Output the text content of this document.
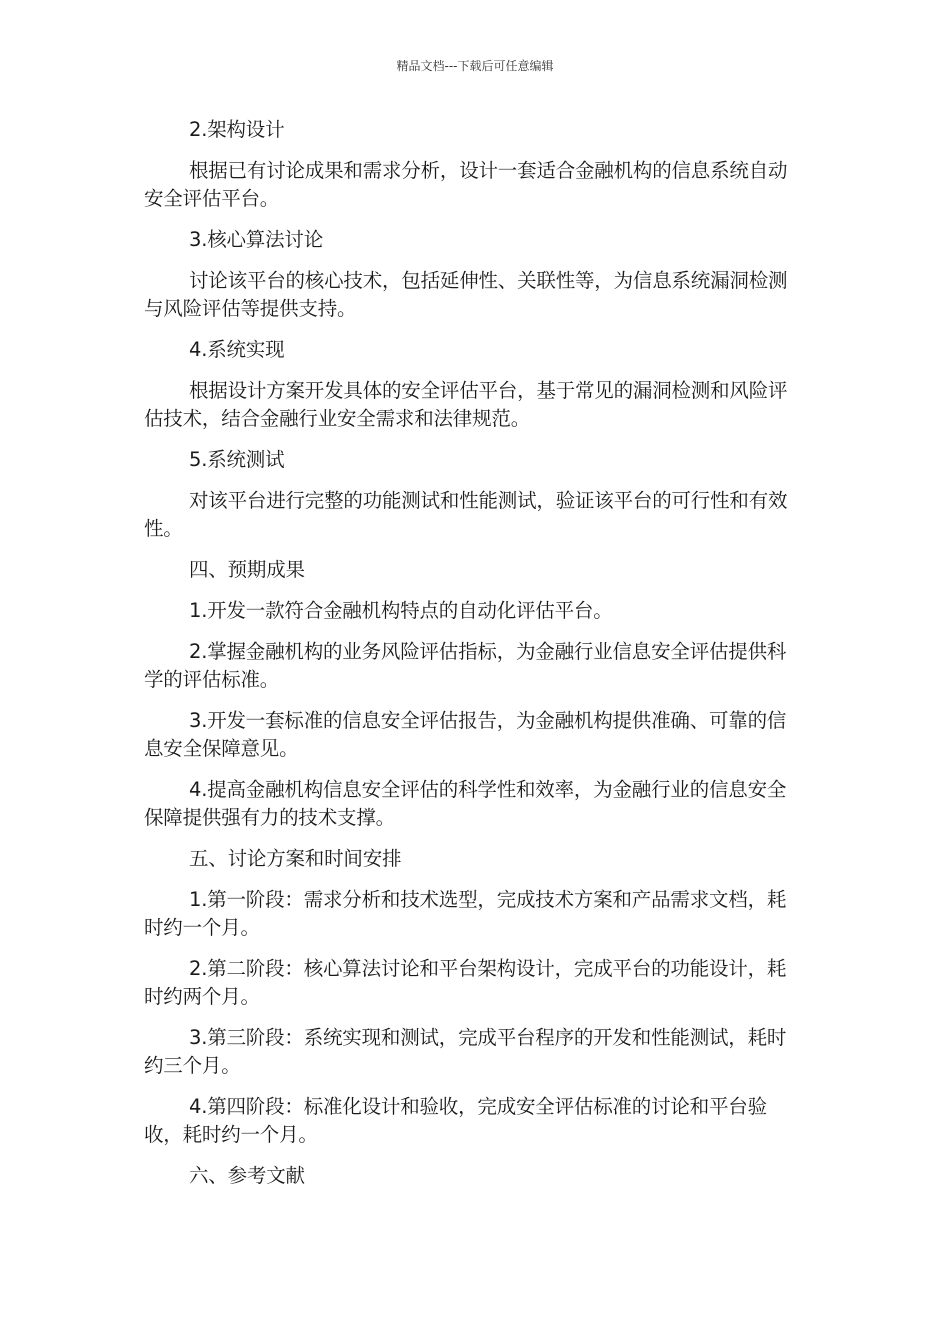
精品文档---下载后可任意编辑

2.架构设计

根据已有讨论成果和需求分析，设计一套适合金融机构的信息系统自动安全评估平台。

3.核心算法讨论

讨论该平台的核心技术，包括延伸性、关联性等，为信息系统漏洞检测与风险评估等提供支持。

4.系统实现

根据设计方案开发具体的安全评估平台，基于常见的漏洞检测和风险评估技术，结合金融行业安全需求和法律规范。

5.系统测试

对该平台进行完整的功能测试和性能测试，验证该平台的可行性和有效性。

四、预期成果

1.开发一款符合金融机构特点的自动化评估平台。

2.掌握金融机构的业务风险评估指标，为金融行业信息安全评估提供科学的评估标准。

3.开发一套标准的信息安全评估报告，为金融机构提供准确、可靠的信息安全保障意见。

4.提高金融机构信息安全评估的科学性和效率，为金融行业的信息安全保障提供强有力的技术支撑。

五、讨论方案和时间安排

1.第一阶段：需求分析和技术选型，完成技术方案和产品需求文档，耗时约一个月。

2.第二阶段：核心算法讨论和平台架构设计，完成平台的功能设计，耗时约两个月。

3.第三阶段：系统实现和测试，完成平台程序的开发和性能测试，耗时约三个月。

4.第四阶段：标准化设计和验收，完成安全评估标准的讨论和平台验收，耗时约一个月。

六、参考文献
